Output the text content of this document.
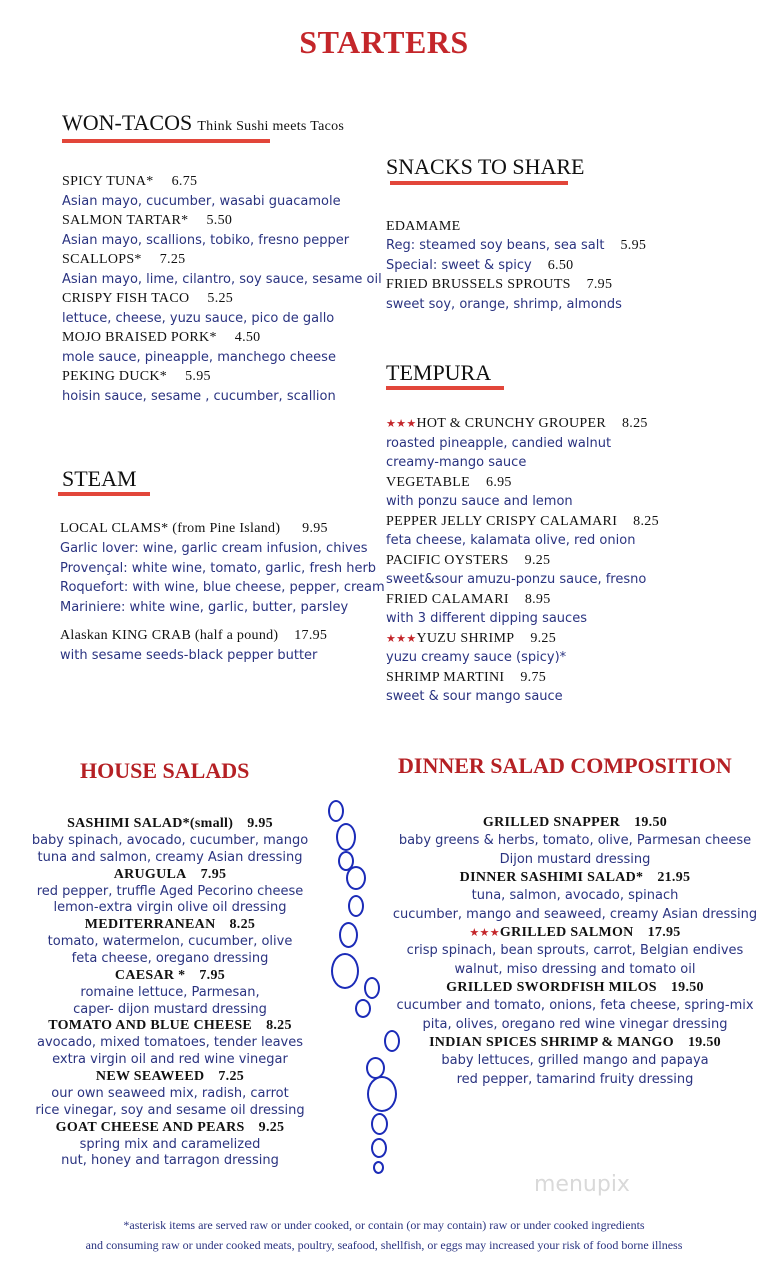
STARTERS
WON-TACOS Think Sushi meets Tacos
SPICY TUNA* 6.75
Asian mayo, cucumber, wasabi guacamole
SALMON TARTAR* 5.50
Asian mayo, scallions, tobiko, fresno pepper
SCALLOPS* 7.25
Asian mayo, lime, cilantro, soy sauce, sesame oil
CRISPY FISH TACO 5.25
lettuce, cheese, yuzu sauce, pico de gallo
MOJO BRAISED PORK* 4.50
mole sauce, pineapple, manchego cheese
PEKING DUCK* 5.95
hoisin sauce, sesame , cucumber, scallion
STEAM
LOCAL CLAMS* (from Pine Island) 9.95
Garlic lover: wine, garlic cream infusion, chives
Provençal: white wine, tomato, garlic, fresh herb
Roquefort: with wine, blue cheese, pepper, cream
Mariniere: white wine, garlic, butter, parsley
Alaskan KING CRAB (half a pound) 17.95
with sesame seeds-black pepper butter
SNACKS TO SHARE
EDAMAME
Reg: steamed soy beans, sea salt 5.95
Special: sweet & spicy 6.50
FRIED BRUSSELS SPROUTS 7.95
sweet soy, orange, shrimp, almonds
TEMPURA
★★★HOT & CRUNCHY GROUPER 8.25
roasted pineapple, candied walnut
creamy-mango sauce
VEGETABLE 6.95
with ponzu sauce and lemon
PEPPER JELLY CRISPY CALAMARI 8.25
feta cheese, kalamata olive, red onion
PACIFIC OYSTERS 9.25
sweet&sour amuzu-ponzu sauce, fresno
FRIED CALAMARI 8.95
with 3 different dipping sauces
★★★YUZU SHRIMP 9.25
yuzu creamy sauce (spicy)*
SHRIMP MARTINI 9.75
sweet & sour mango sauce
HOUSE SALADS
SASHIMI SALAD*(small) 9.95
baby spinach, avocado, cucumber, mango
tuna and salmon, creamy Asian dressing
ARUGULA 7.95
red pepper, truffle Aged Pecorino cheese
lemon-extra virgin olive oil dressing
MEDITERRANEAN 8.25
tomato, watermelon, cucumber, olive
feta cheese, oregano dressing
CAESAR * 7.95
romaine lettuce, Parmesan,
caper- dijon mustard dressing
TOMATO AND BLUE CHEESE 8.25
avocado, mixed tomatoes, tender leaves
extra virgin oil and red wine vinegar
NEW SEAWEED 7.25
our own seaweed mix, radish, carrot
rice vinegar, soy and sesame oil dressing
GOAT CHEESE AND PEARS 9.25
spring mix and caramelized
nut, honey and tarragon dressing
DINNER SALAD COMPOSITION
GRILLED SNAPPER 19.50
baby greens & herbs, tomato, olive, Parmesan cheese
Dijon mustard dressing
DINNER SASHIMI SALAD* 21.95
tuna, salmon, avocado, spinach
cucumber, mango and seaweed, creamy Asian dressing
★★★GRILLED SALMON 17.95
crisp spinach, bean sprouts, carrot, Belgian endives
walnut, miso dressing and tomato oil
GRILLED SWORDFISH MILOS 19.50
cucumber and tomato, onions, feta cheese, spring-mix
pita, olives, oregano red wine vinegar dressing
INDIAN SPICES SHRIMP & MANGO 19.50
baby lettuces, grilled mango and papaya
red pepper, tamarind fruity dressing
menupix
*asterisk items are served raw or under cooked, or contain (or may contain) raw or under cooked ingredients
and consuming raw or under cooked meats, poultry, seafood, shellfish, or eggs may increased your risk of food borne illness
